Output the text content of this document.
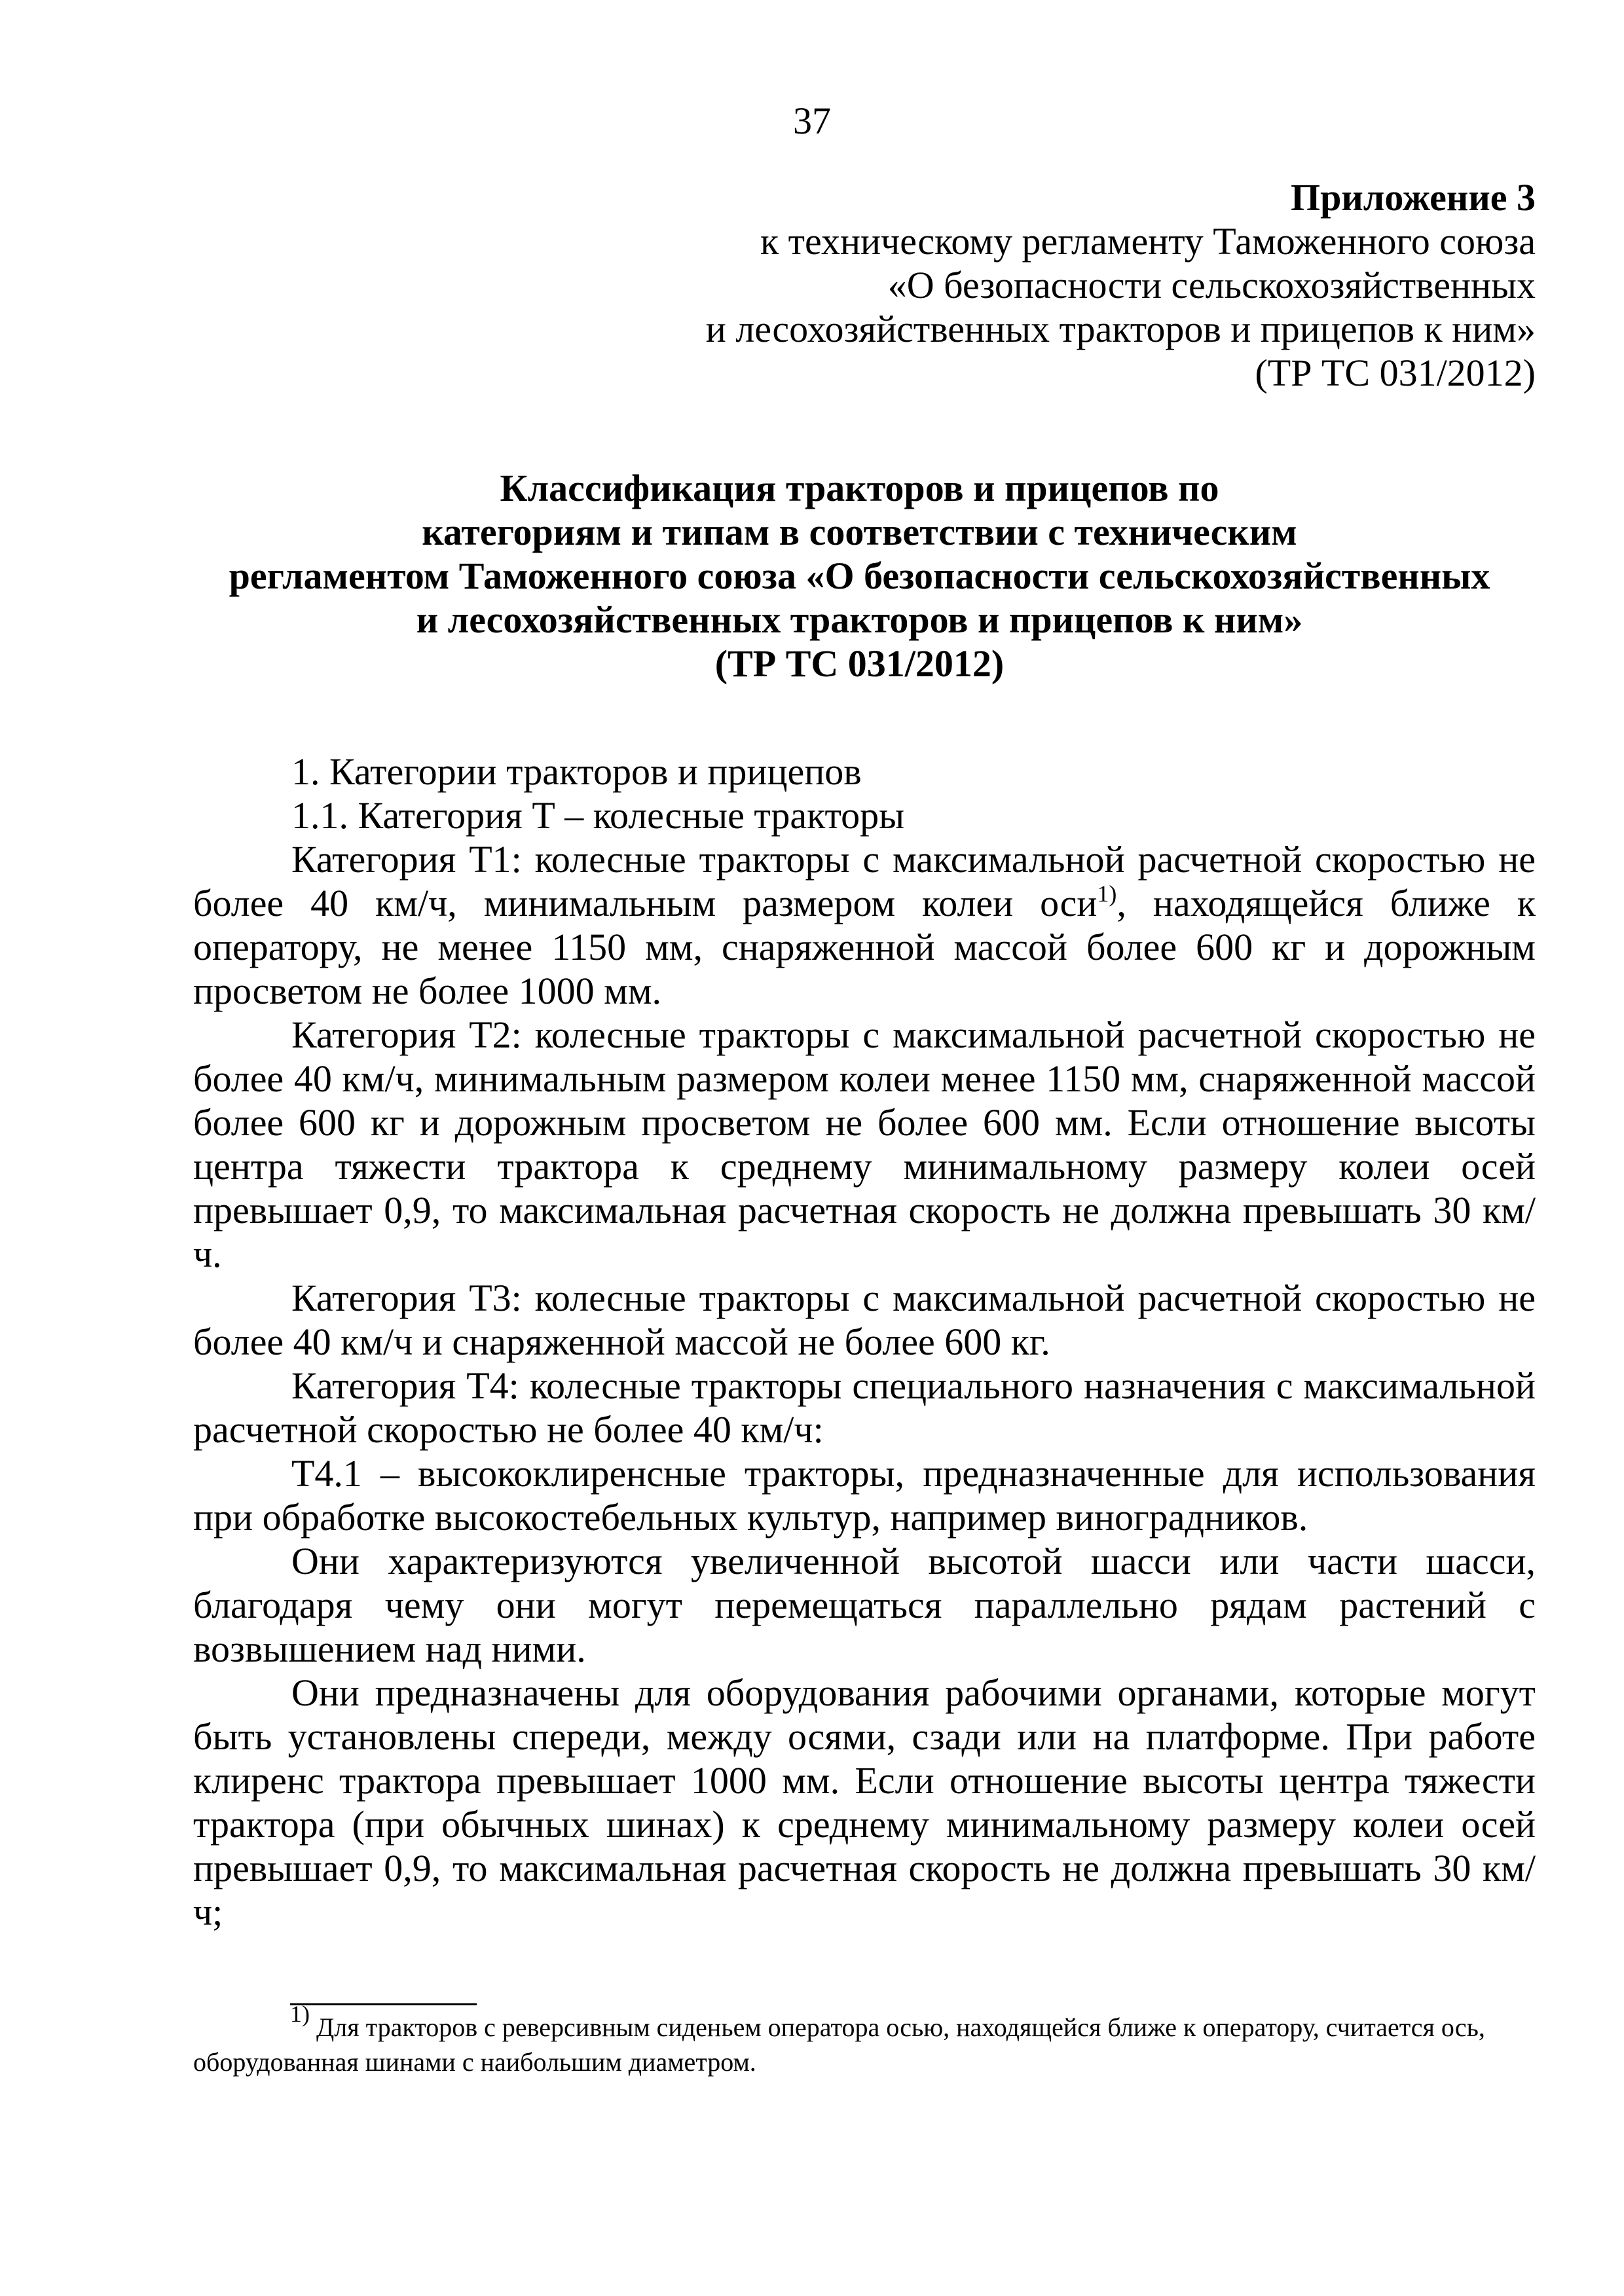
37
Приложение 3
к техническому регламенту Таможенного союза
«О безопасности сельскохозяйственных
и лесохозяйственных тракторов и прицепов к ним»
(ТР ТС 031/2012)
Классификация тракторов и прицепов по
категориям и типам в соответствии с техническим
регламентом Таможенного союза «О безопасности сельскохозяйственных
и лесохозяйственных тракторов и прицепов к ним»
(ТР ТС 031/2012)

1. Категории тракторов и прицепов

1.1. Категория Т – колесные тракторы

Категория Т1: колесные тракторы с максимальной расчетной скоростью не более 40 км/ч, минимальным размером колеи оси$^{1)}$, находящейся ближе к оператору, не менее 1150 мм, снаряженной массой более 600 кг и дорожным просветом не более 1000 мм.

Категория Т2: колесные тракторы с максимальной расчетной скоростью не более 40 км/ч, минимальным размером колеи менее 1150 мм, снаряженной массой более 600 кг и дорожным просветом не более 600 мм. Если отношение высоты центра тяжести трактора к среднему минимальному размеру колеи осей превышает 0,9, то максимальная расчетная скорость не должна превышать 30 км/ч.

Категория Т3: колесные тракторы с максимальной расчетной скоростью не более 40 км/ч и снаряженной массой не более 600 кг.

Категория Т4: колесные тракторы специального назначения с максимальной расчетной скоростью не более 40 км/ч:

Т4.1 – высококлиренсные тракторы, предназначенные для использования при обработке высокостебельных культур, например виноградников.

Они характеризуются увеличенной высотой шасси или части шасси, благодаря чему они могут перемещаться параллельно рядам растений с возвышением над ними.

Они предназначены для оборудования рабочими органами, которые могут быть установлены спереди, между осями, сзади или на платформе. При работе клиренс трактора превышает 1000 мм. Если отношение высоты центра тяжести трактора (при обычных шинах) к среднему минимальному размеру колеи осей превышает 0,9, то максимальная расчетная скорость не должна превышать 30 км/ч;

$^{1)}$ Для тракторов с реверсивным сиденьем оператора осью, находящейся ближе к оператору, считается ось,
оборудованная шинами с наибольшим диаметром.
